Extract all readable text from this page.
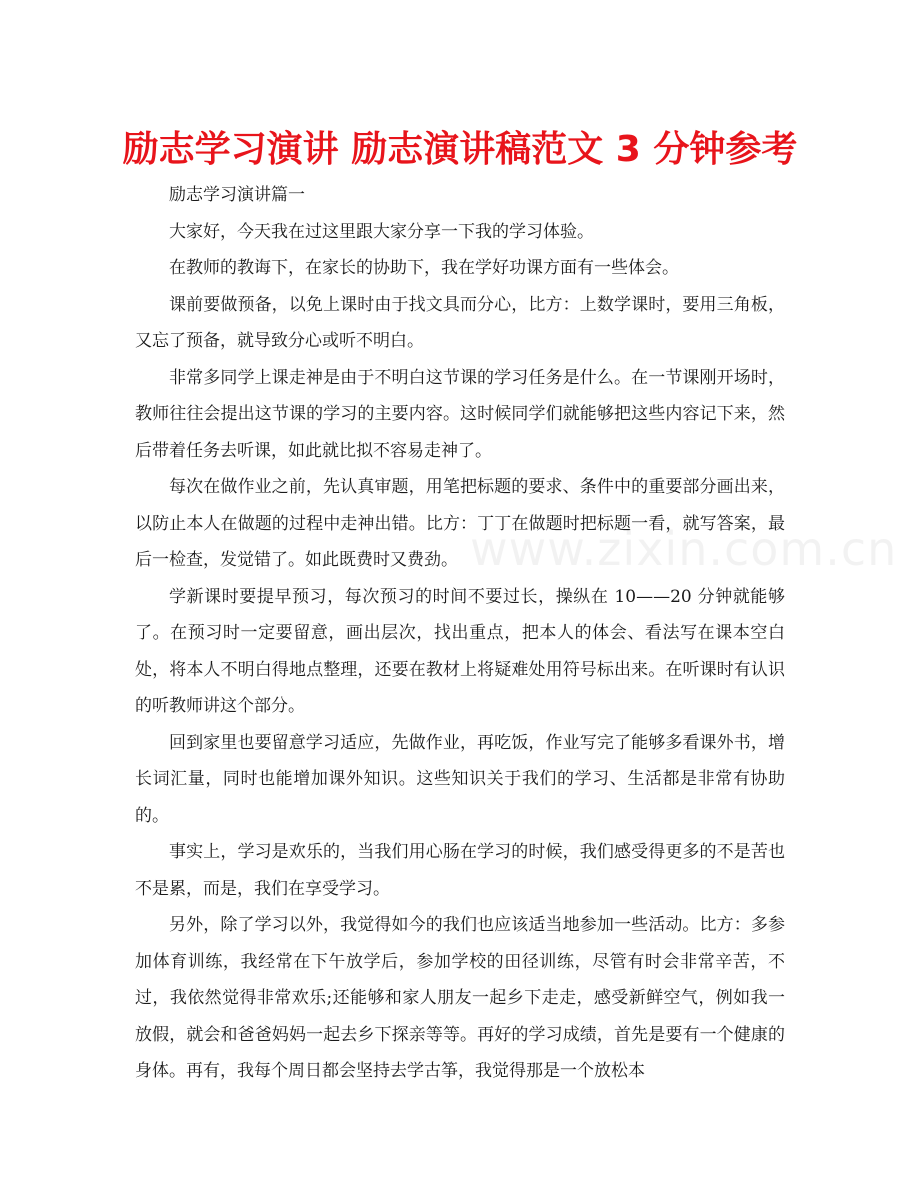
励志学习演讲 励志演讲稿范文 3 分钟参考
www.zixin.com.cn

励志学习演讲篇一

大家好，今天我在过这里跟大家分享一下我的学习体验。

在教师的教诲下，在家长的协助下，我在学好功课方面有一些体会。

课前要做预备，以免上课时由于找文具而分心，比方：上数学课时，要用三角板，又忘了预备，就导致分心或听不明白。

非常多同学上课走神是由于不明白这节课的学习任务是什么。在一节课刚开场时，教师往往会提出这节课的学习的主要内容。这时候同学们就能够把这些内容记下来，然后带着任务去听课，如此就比拟不容易走神了。

每次在做作业之前，先认真审题，用笔把标题的要求、条件中的重要部分画出来，以防止本人在做题的过程中走神出错。比方：丁丁在做题时把标题一看，就写答案，最后一检查，发觉错了。如此既费时又费劲。

学新课时要提早预习，每次预习的时间不要过长，操纵在 10——20 分钟就能够了。在预习时一定要留意，画出层次，找出重点，把本人的体会、看法写在课本空白处，将本人不明白得地点整理，还要在教材上将疑难处用符号标出来。在听课时有认识的听教师讲这个部分。

回到家里也要留意学习适应，先做作业，再吃饭，作业写完了能够多看课外书，增长词汇量，同时也能增加课外知识。这些知识关于我们的学习、生活都是非常有协助的。

事实上，学习是欢乐的，当我们用心肠在学习的时候，我们感受得更多的不是苦也不是累，而是，我们在享受学习。

另外，除了学习以外，我觉得如今的我们也应该适当地参加一些活动。比方：多参加体育训练，我经常在下午放学后，参加学校的田径训练，尽管有时会非常辛苦，不过，我依然觉得非常欢乐;还能够和家人朋友一起乡下走走，感受新鲜空气，例如我一放假，就会和爸爸妈妈一起去乡下探亲等等。再好的学习成绩，首先是要有一个健康的身体。再有，我每个周日都会坚持去学古筝，我觉得那是一个放松本
